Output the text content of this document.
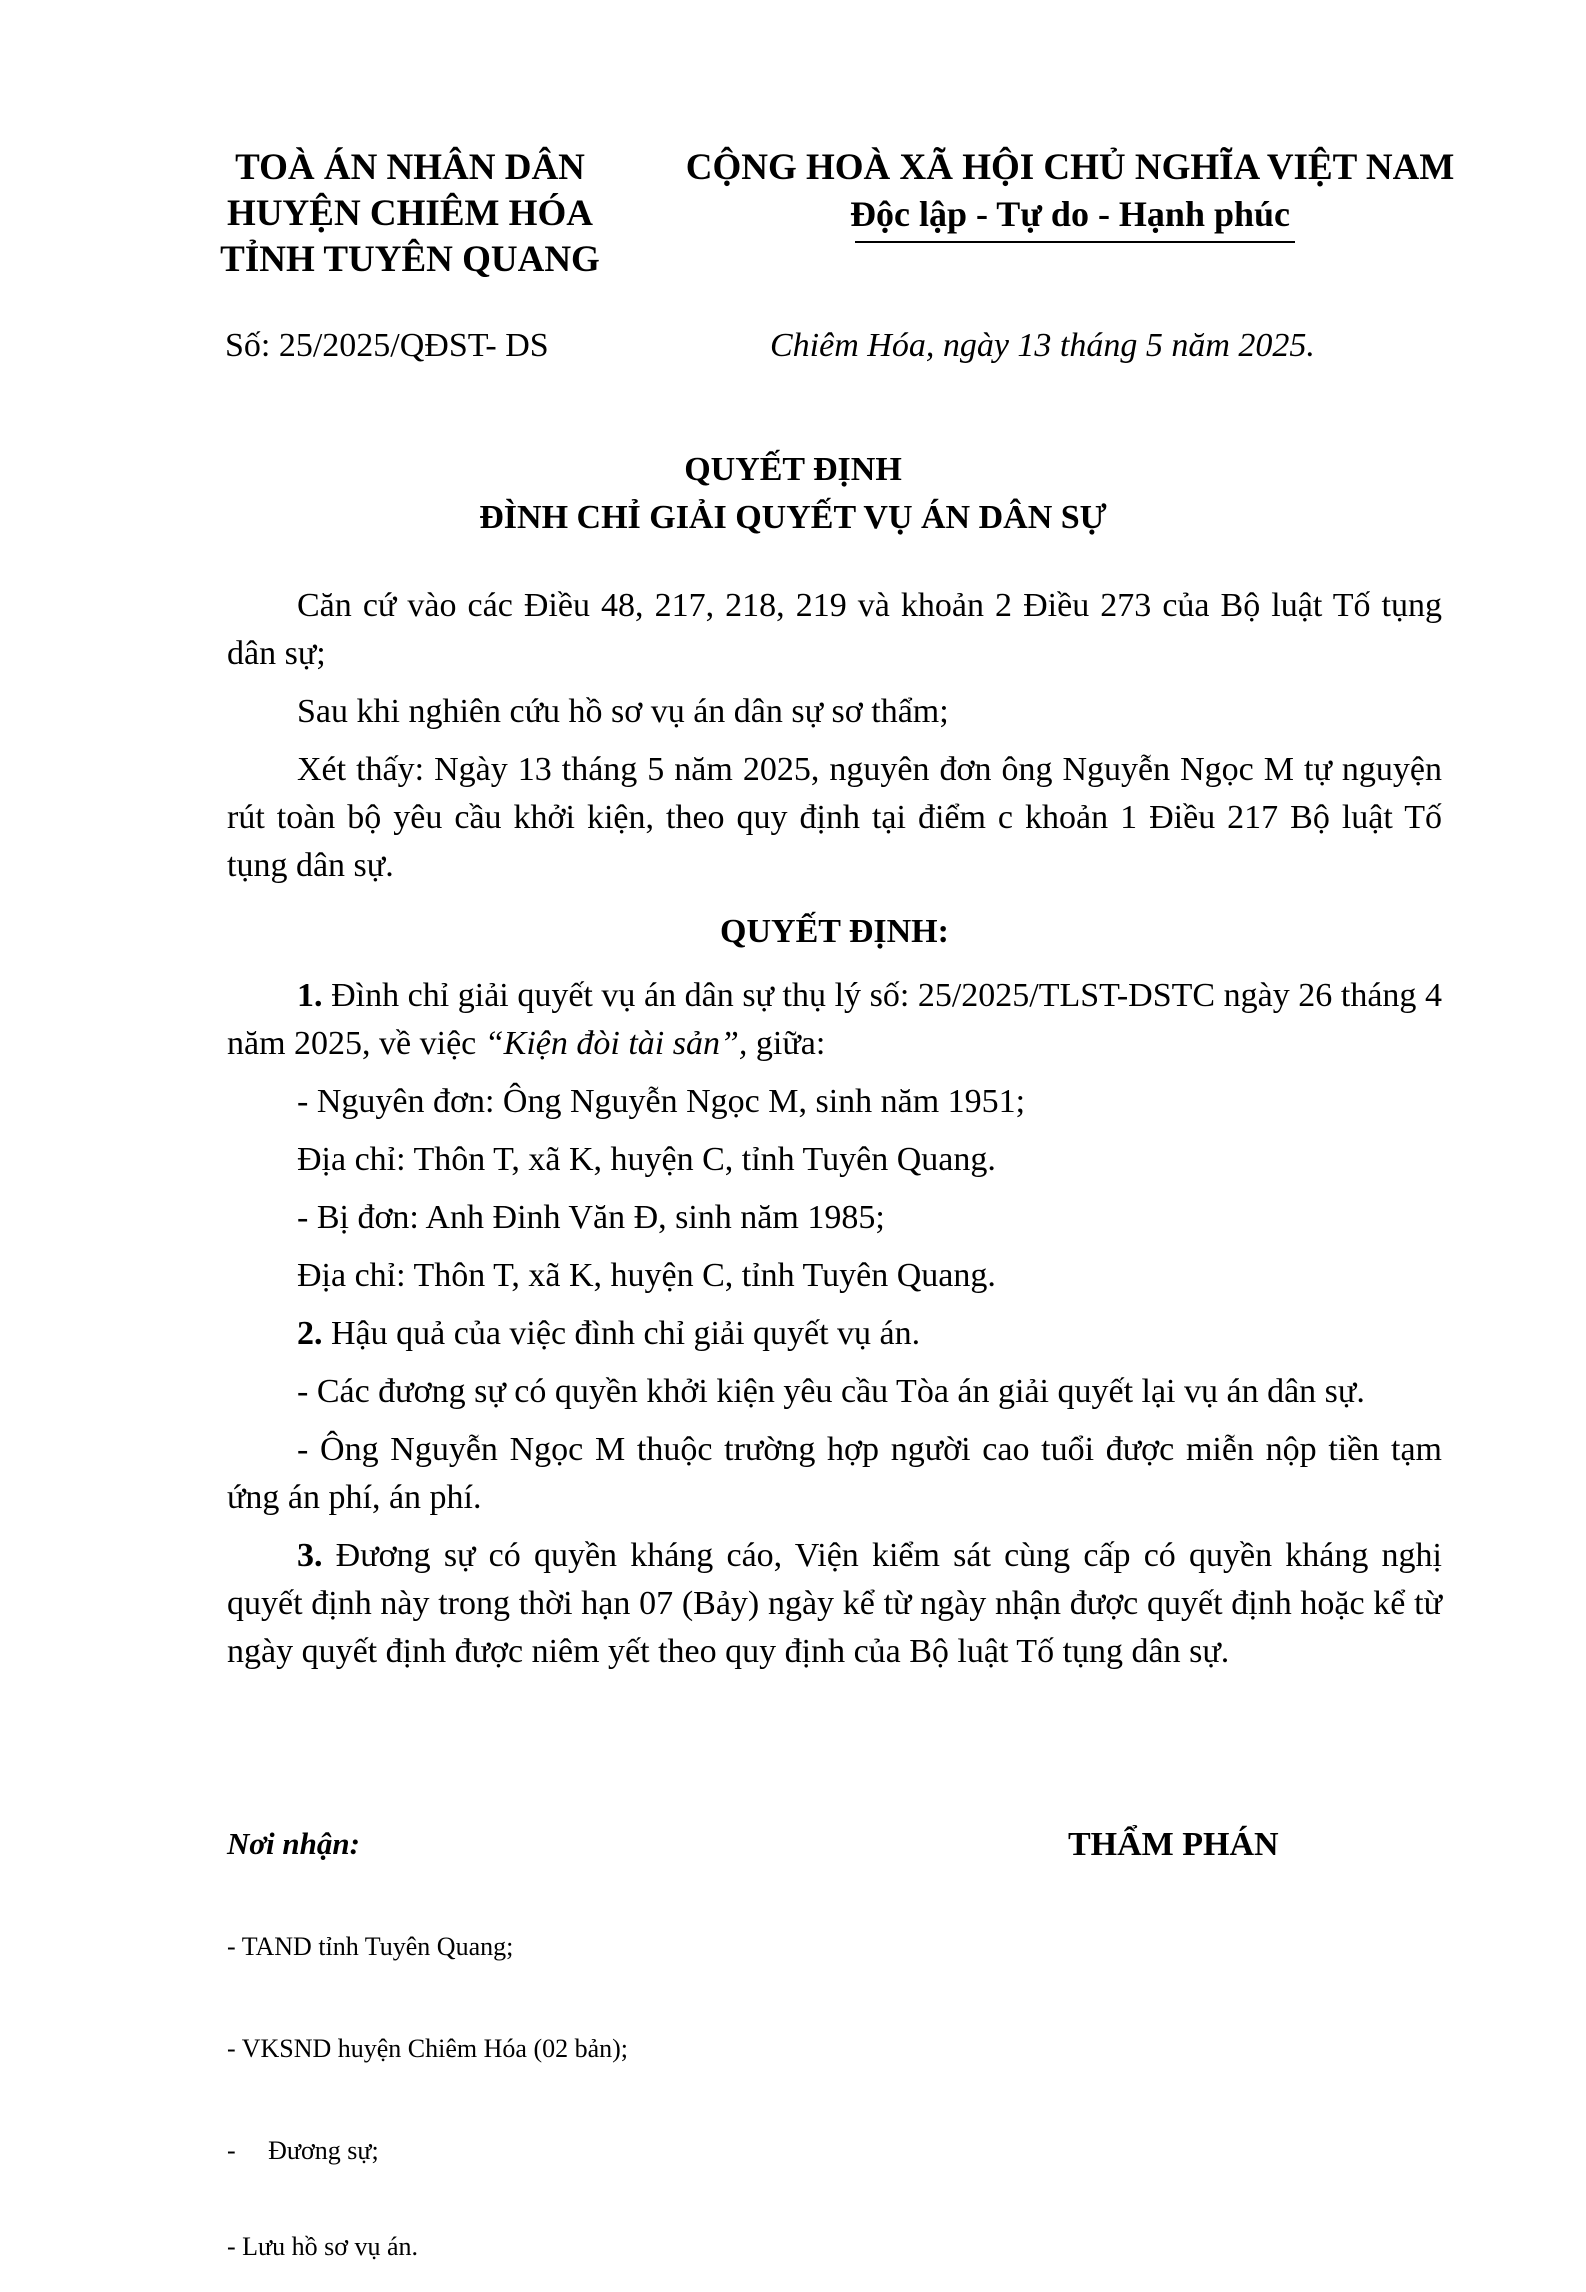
TOÀ ÁN NHÂN DÂN
HUYỆN CHIÊM HÓA
TỈNH TUYÊN QUANG
CỘNG HOÀ XÃ HỘI CHỦ NGHĨA VIỆT NAM
Độc lập - Tự do - Hạnh phúc
Số: 25/2025/QĐST- DS	Chiêm Hóa, ngày 13 tháng 5 năm 2025.
QUYẾT ĐỊNH
ĐÌNH CHỈ GIẢI QUYẾT VỤ ÁN DÂN SỰ

Căn cứ vào các Điều 48, 217, 218, 219 và khoản 2 Điều 273 của Bộ luật Tố tụng dân sự;

Sau khi nghiên cứu hồ sơ vụ án dân sự sơ thẩm;

Xét thấy: Ngày 13 tháng 5 năm 2025, nguyên đơn ông Nguyễn Ngọc M tự nguyện rút toàn bộ yêu cầu khởi kiện, theo quy định tại điểm c khoản 1 Điều 217 Bộ luật Tố tụng dân sự.

QUYẾT ĐỊNH:

1. Đình chỉ giải quyết vụ án dân sự thụ lý số: 25/2025/TLST-DSTC ngày 26 tháng 4 năm 2025, về việc “Kiện đòi tài sản”, giữa:

- Nguyên đơn: Ông Nguyễn Ngọc M, sinh năm 1951;

Địa chỉ: Thôn T, xã K, huyện C, tỉnh Tuyên Quang.

- Bị đơn: Anh Đinh Văn Đ, sinh năm 1985;

Địa chỉ: Thôn T, xã K, huyện C, tỉnh Tuyên Quang.

2. Hậu quả của việc đình chỉ giải quyết vụ án.

- Các đương sự có quyền khởi kiện yêu cầu Tòa án giải quyết lại vụ án dân sự.

- Ông Nguyễn Ngọc M thuộc trường hợp người cao tuổi được miễn nộp tiền tạm ứng án phí, án phí.

3. Đương sự có quyền kháng cáo, Viện kiểm sát cùng cấp có quyền kháng nghị quyết định này trong thời hạn 07 (Bảy) ngày kể từ ngày nhận được quyết định hoặc kể từ ngày quyết định được niêm yết theo quy định của Bộ luật Tố tụng dân sự.

Nơi nhận:

- TAND tỉnh Tuyên Quang;

- VKSND huyện Chiêm Hóa (02 bản);

-     Đương sự;

- Lưu hồ sơ vụ án.

THẨM PHÁN
